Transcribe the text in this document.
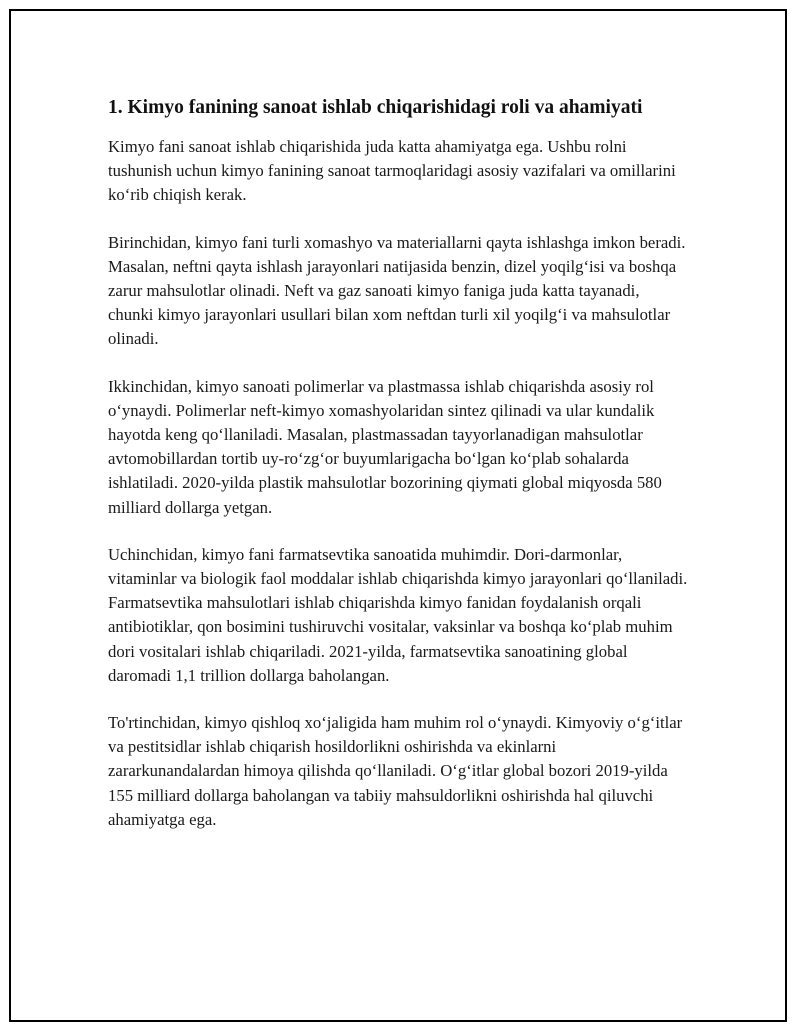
1. Kimyo fanining sanoat ishlab chiqarishidagi roli va ahamiyati

Kimyo fani sanoat ishlab chiqarishida juda katta ahamiyatga ega. Ushbu rolni tushunish uchun kimyo fanining sanoat tarmoqlaridagi asosiy vazifalari va omillarini koʻrib chiqish kerak.

Birinchidan, kimyo fani turli xomashyo va materiallarni qayta ishlashga imkon beradi. Masalan, neftni qayta ishlash jarayonlari natijasida benzin, dizel yoqilgʻisi va boshqa zarur mahsulotlar olinadi. Neft va gaz sanoati kimyo faniga juda katta tayanadi, chunki kimyo jarayonlari usullari bilan xom neftdan turli xil yoqilgʻi va mahsulotlar olinadi.

Ikkinchidan, kimyo sanoati polimerlar va plastmassa ishlab chiqarishda asosiy rol oʻynaydi. Polimerlar neft-kimyo xomashyolaridan sintez qilinadi va ular kundalik hayotda keng qoʻllaniladi. Masalan, plastmassadan tayyorlanadigan mahsulotlar avtomobillardan tortib uy-roʻzgʻor buyumlarigacha boʻlgan koʻplab sohalarda ishlatiladi. 2020-yilda plastik mahsulotlar bozorining qiymati global miqyosda 580 milliard dollarga yetgan.

Uchinchidan, kimyo fani farmatsevtika sanoatida muhimdir. Dori-darmonlar, vitaminlar va biologik faol moddalar ishlab chiqarishda kimyo jarayonlari qoʻllaniladi. Farmatsevtika mahsulotlari ishlab chiqarishda kimyo fanidan foydalanish orqali antibiotiklar, qon bosimini tushiruvchi vositalar, vaksinlar va boshqa koʻplab muhim dori vositalari ishlab chiqariladi. 2021-yilda, farmatsevtika sanoatining global daromadi 1,1 trillion dollarga baholangan.

To'rtinchidan, kimyo qishloq xoʻjaligida ham muhim rol oʻynaydi. Kimyoviy oʻgʻitlar va pestitsidlar ishlab chiqarish hosildorlikni oshirishda va ekinlarni zararkunandalardan himoya qilishda qoʻllaniladi. Oʻgʻitlar global bozori 2019-yilda 155 milliard dollarga baholangan va tabiiy mahsuldorlikni oshirishda hal qiluvchi ahamiyatga ega.
